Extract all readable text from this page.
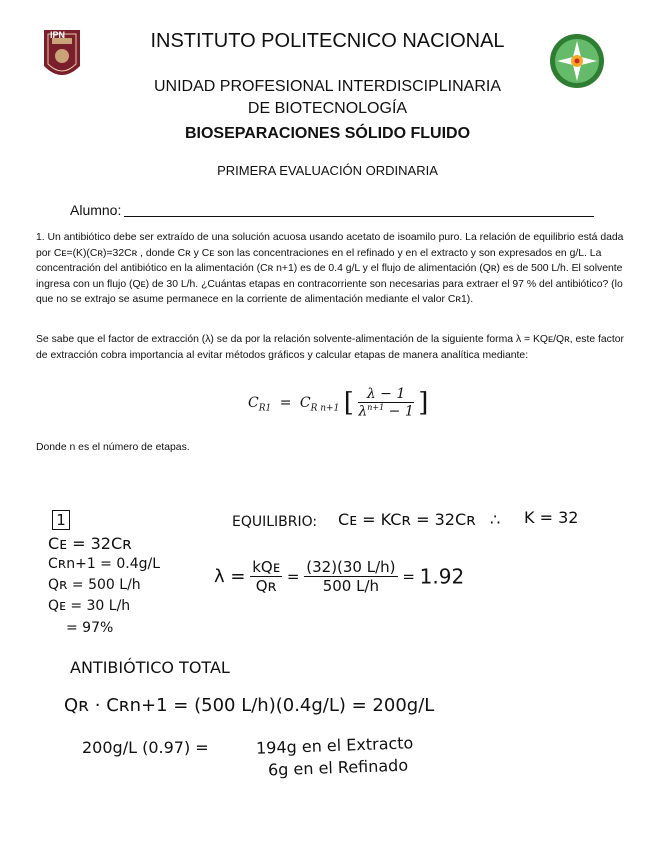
IPN	INSTITUTO POLITECNICO NACIONAL
UNIDAD PROFESIONAL INTERDISCIPLINARIA
DE BIOTECNOLOGÍA
BIOSEPARACIONES SÓLIDO FLUIDO
PRIMERA EVALUACIÓN ORDINARIA
Alumno:
1. Un antibiótico debe ser extraído de una solución acuosa usando acetato de isoamilo puro. La relación de equilibrio está dada por Cᴇ=(K)(Cʀ)=32Cʀ , donde Cʀ y Cᴇ son las concentraciones en el refinado y en el extracto y son expresados en g/L. La concentración del antibiótico en la alimentación (Cʀ n+1) es de 0.4 g/L y el flujo de alimentación (Qʀ) es de 500 L/h. El solvente ingresa con un flujo (Qᴇ) de 30 L/h. ¿Cuántas etapas en contracorriente son necesarias para extraer el 97 % del antibiótico? (lo que no se extrajo se asume permanece en la corriente de alimentación mediante el valor Cʀ1).
Se sabe que el factor de extracción (λ) se da por la relación solvente-alimentación de la siguiente forma λ = KQᴇ/Qʀ, este factor de extracción cobra importancia al evitar métodos gráficos y calcular etapas de manera analítica mediante:
$C_{R1} = C_{R n+1}$ [ $\frac{\lambda - 1}{\lambda^{n+1} - 1}$ ]
Donde n es el número de etapas.
1
Cᴇ = 32Cʀ
Cʀn+1 = 0.4g/L
Qʀ = 500 L/h
Qᴇ = 30 L/h
= 97%
EQUILIBRIO: Cᴇ = KCʀ = 32Cʀ ∴ K = 32
$\lambda = \frac{\text{kQᴇ}}{\text{Qʀ}} = \frac{(32)(30 L/h)}{500 L/h} = 1.92$
ANTIBIÓTICO TOTAL
Qʀ · Cʀn+1 = (500 L/h)(0.4g/L) = 200g/L
200g/L (0.97) =	194g en el Extracto
6g en el Refinado
